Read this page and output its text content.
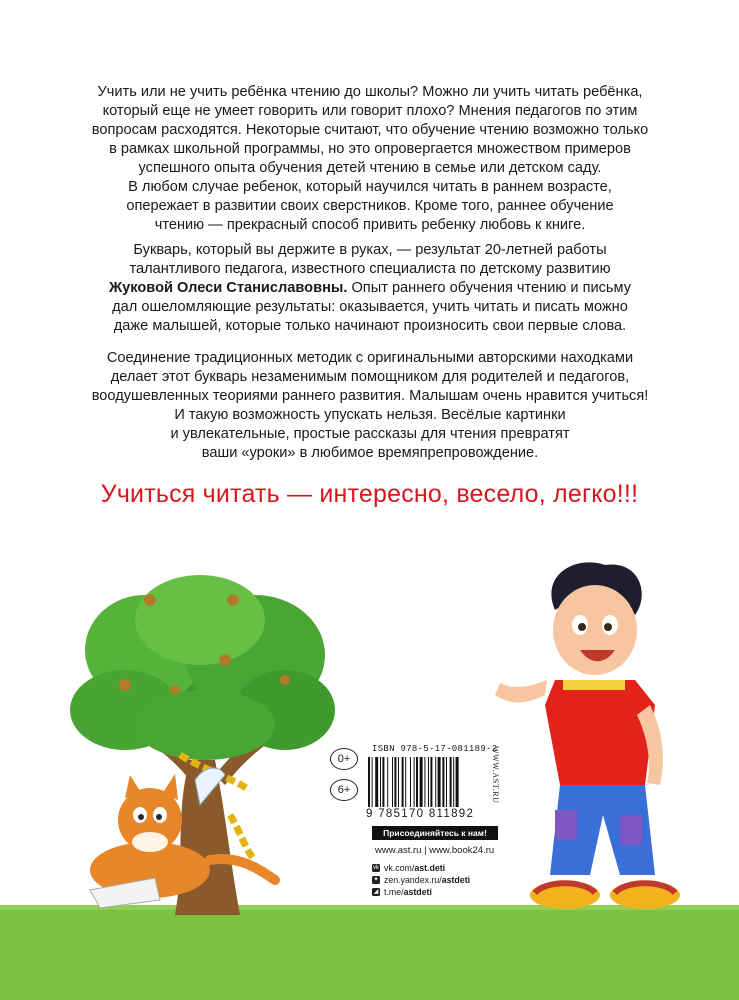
Учить или не учить ребёнка чтению до школы? Можно ли учить читать ребёнка,

который еще не умеет говорить или говорит плохо? Мнения педагогов по этим

вопросам расходятся. Некоторые считают, что обучение чтению возможно только

в рамках школьной программы, но это опровергается множеством примеров

успешного опыта обучения детей чтению в семье или детском саду.

В любом случае ребенок, который научился читать в раннем возрасте,

опережает в развитии своих сверстников. Кроме того, раннее обучение

чтению — прекрасный способ привить ребенку любовь к книге.

Букварь, который вы держите в руках, — результат 20-летней работы

талантливого педагога, известного специалиста по детскому развитию

Жуковой Олеси Станиславовны. Опыт раннего обучения чтению и письму

дал ошеломляющие результаты: оказывается, учить читать и писать можно

даже малышей, которые только начинают произносить свои первые слова.

Соединение традиционных методик с оригинальными авторскими находками

делает этот букварь незаменимым помощником для родителей и педагогов,

воодушевленных теориями раннего развития. Малышам очень нравится учиться!

И такую возможность упускать нельзя. Весёлые картинки

и увлекательные, простые рассказы для чтения превратят

ваши «уроки» в любимое времяпрепровождение.

Учиться читать — интересно, весело, легко!!!
0+
6+
ISBN 978-5-17-081189-2
9 785170 811892
WWW.AST.RU
Присоединяйтесь к нам!
www.ast.ru | www.book24.ru
vk vk.com/ ast.deti
✦ zen.yandex.ru/ astdeti
◢ t.me/ astdeti
